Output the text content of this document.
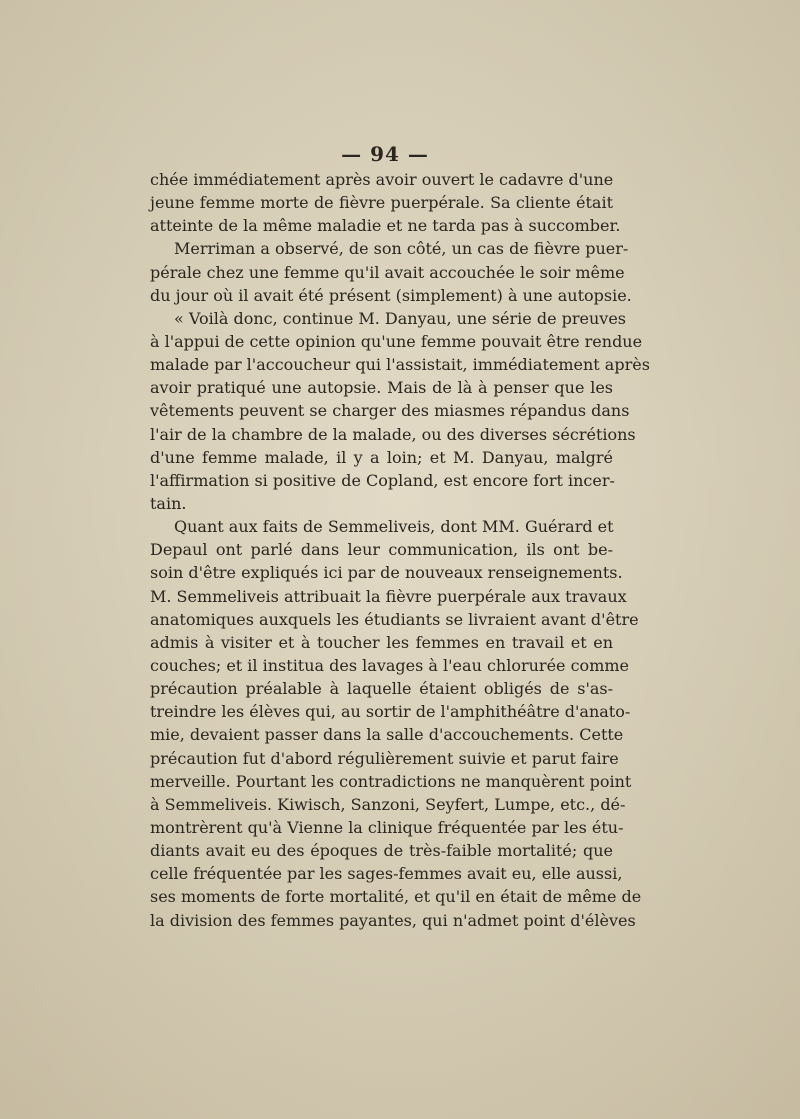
— 94 —
chée immédiatement après avoir ouvert le cadavre d'une
jeune femme morte de fièvre puerpérale. Sa cliente était
atteinte de la même maladie et ne tarda pas à succomber.
Merriman a observé, de son côté, un cas de fièvre puer-
pérale chez une femme qu'il avait accouchée le soir même
du jour où il avait été présent (simplement) à une autopsie.
« Voilà donc, continue M. Danyau, une série de preuves
à l'appui de cette opinion qu'une femme pouvait être rendue
malade par l'accoucheur qui l'assistait, immédiatement après
avoir pratiqué une autopsie. Mais de là à penser que les
vêtements peuvent se charger des miasmes répandus dans
l'air de la chambre de la malade, ou des diverses sécrétions
d'une femme malade, il y a loin; et M. Danyau, malgré
l'affirmation si positive de Copland, est encore fort incer-
tain.
Quant aux faits de Semmeliveis, dont MM. Guérard et
Depaul ont parlé dans leur communication, ils ont be-
soin d'être expliqués ici par de nouveaux renseignements.
M. Semmeliveis attribuait la fièvre puerpérale aux travaux
anatomiques auxquels les étudiants se livraient avant d'être
admis à visiter et à toucher les femmes en travail et en
couches; et il institua des lavages à l'eau chlorurée comme
précaution préalable à laquelle étaient obligés de s'as-
treindre les élèves qui, au sortir de l'amphithéâtre d'anato-
mie, devaient passer dans la salle d'accouchements. Cette
précaution fut d'abord régulièrement suivie et parut faire
merveille. Pourtant les contradictions ne manquèrent point
à Semmeliveis. Kiwisch, Sanzoni, Seyfert, Lumpe, etc., dé-
montrèrent qu'à Vienne la clinique fréquentée par les étu-
diants avait eu des époques de très-faible mortalité; que
celle fréquentée par les sages-femmes avait eu, elle aussi,
ses moments de forte mortalité, et qu'il en était de même de
la division des femmes payantes, qui n'admet point d'élèves
